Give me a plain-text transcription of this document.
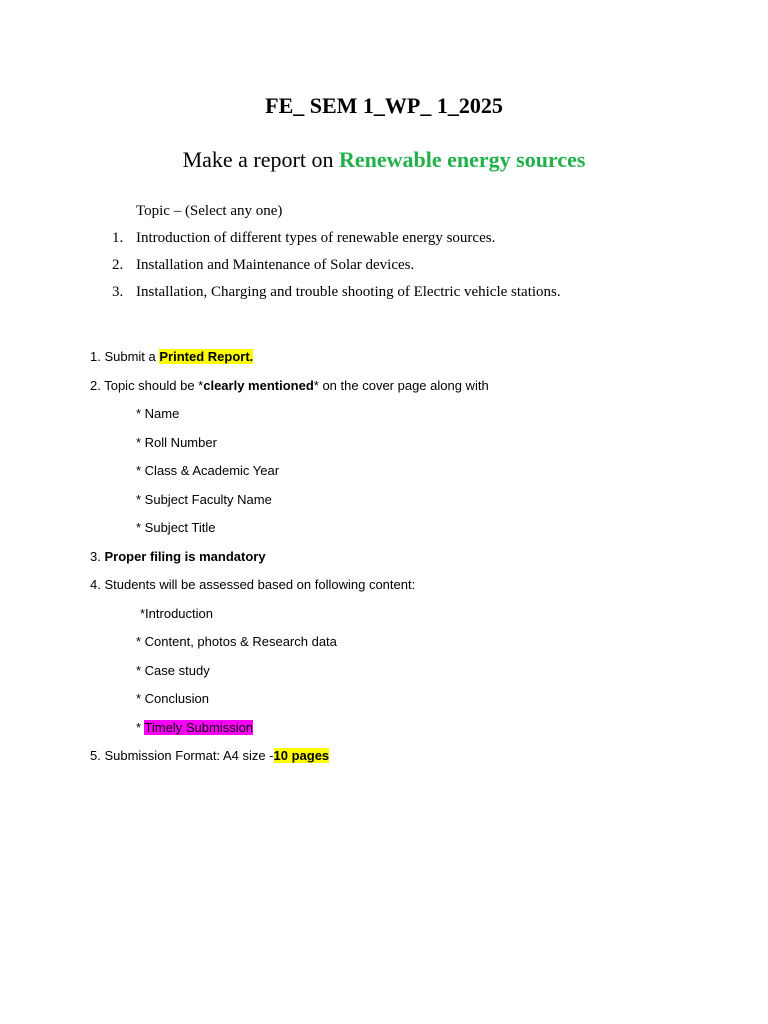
FE_ SEM 1_WP_ 1_2025
Make a report on Renewable energy sources
Topic – (Select any one)
1. Introduction of different types of renewable energy sources.
2. Installation and Maintenance of Solar devices.
3. Installation, Charging and trouble shooting of Electric vehicle stations.
1. Submit a Printed Report.
2. Topic should be *clearly mentioned* on the cover page along with
* Name
* Roll Number
* Class & Academic Year
* Subject Faculty Name
* Subject Title
3. Proper filing is mandatory
4. Students will be assessed based on following content:
*Introduction
* Content, photos & Research data
* Case study
* Conclusion
* Timely Submission
5. Submission Format: A4 size -10 pages
